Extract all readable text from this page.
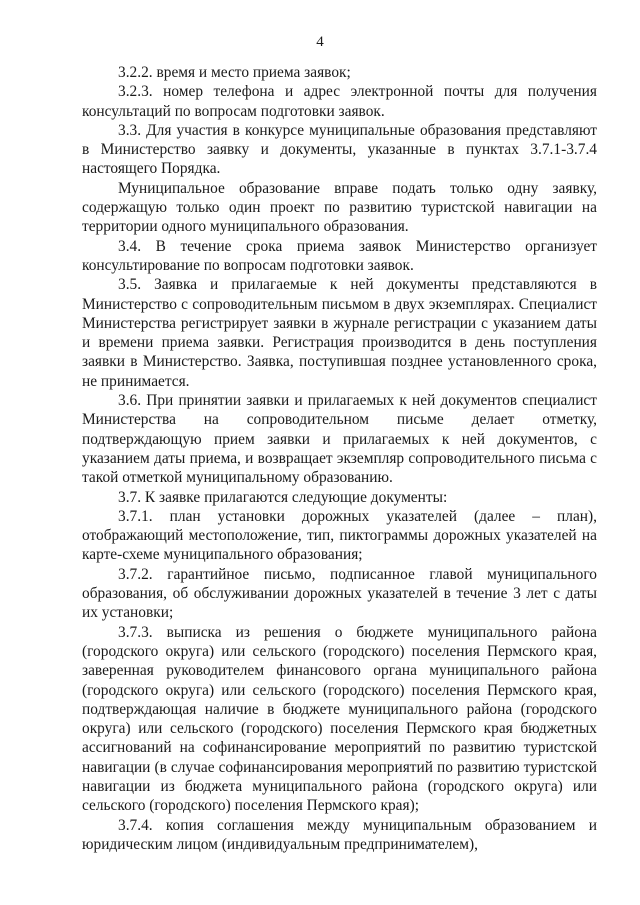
4

3.2.2. время и место приема заявок;

3.2.3. номер телефона и адрес электронной почты для получения консультаций по вопросам подготовки заявок.

3.3. Для участия в конкурсе муниципальные образования представляют в Министерство заявку и документы, указанные в пунктах 3.7.1-3.7.4 настоящего Порядка.

Муниципальное образование вправе подать только одну заявку, содержащую только один проект по развитию туристской навигации на территории одного муниципального образования.

3.4. В течение срока приема заявок Министерство организует консультирование по вопросам подготовки заявок.

3.5. Заявка и прилагаемые к ней документы представляются в Министерство с сопроводительным письмом в двух экземплярах. Специалист Министерства регистрирует заявки в журнале регистрации с указанием даты и времени приема заявки. Регистрация производится в день поступления заявки в Министерство. Заявка, поступившая позднее установленного срока, не принимается.

3.6. При принятии заявки и прилагаемых к ней документов специалист Министерства на сопроводительном письме делает отметку, подтверждающую прием заявки и прилагаемых к ней документов, с указанием даты приема, и возвращает экземпляр сопроводительного письма с такой отметкой муниципальному образованию.

3.7. К заявке прилагаются следующие документы:

3.7.1. план установки дорожных указателей (далее – план), отображающий местоположение, тип, пиктограммы дорожных указателей на карте-схеме муниципального образования;

3.7.2. гарантийное письмо, подписанное главой муниципального образования, об обслуживании дорожных указателей в течение 3 лет с даты их установки;

3.7.3. выписка из решения о бюджете муниципального района (городского округа) или сельского (городского) поселения Пермского края, заверенная руководителем финансового органа муниципального района (городского округа) или сельского (городского) поселения Пермского края, подтверждающая наличие в бюджете муниципального района (городского округа) или сельского (городского) поселения Пермского края бюджетных ассигнований на софинансирование мероприятий по развитию туристской навигации (в случае софинансирования мероприятий по развитию туристской навигации из бюджета муниципального района (городского округа) или сельского (городского) поселения Пермского края);

3.7.4. копия соглашения между муниципальным образованием и юридическим лицом (индивидуальным предпринимателем),
